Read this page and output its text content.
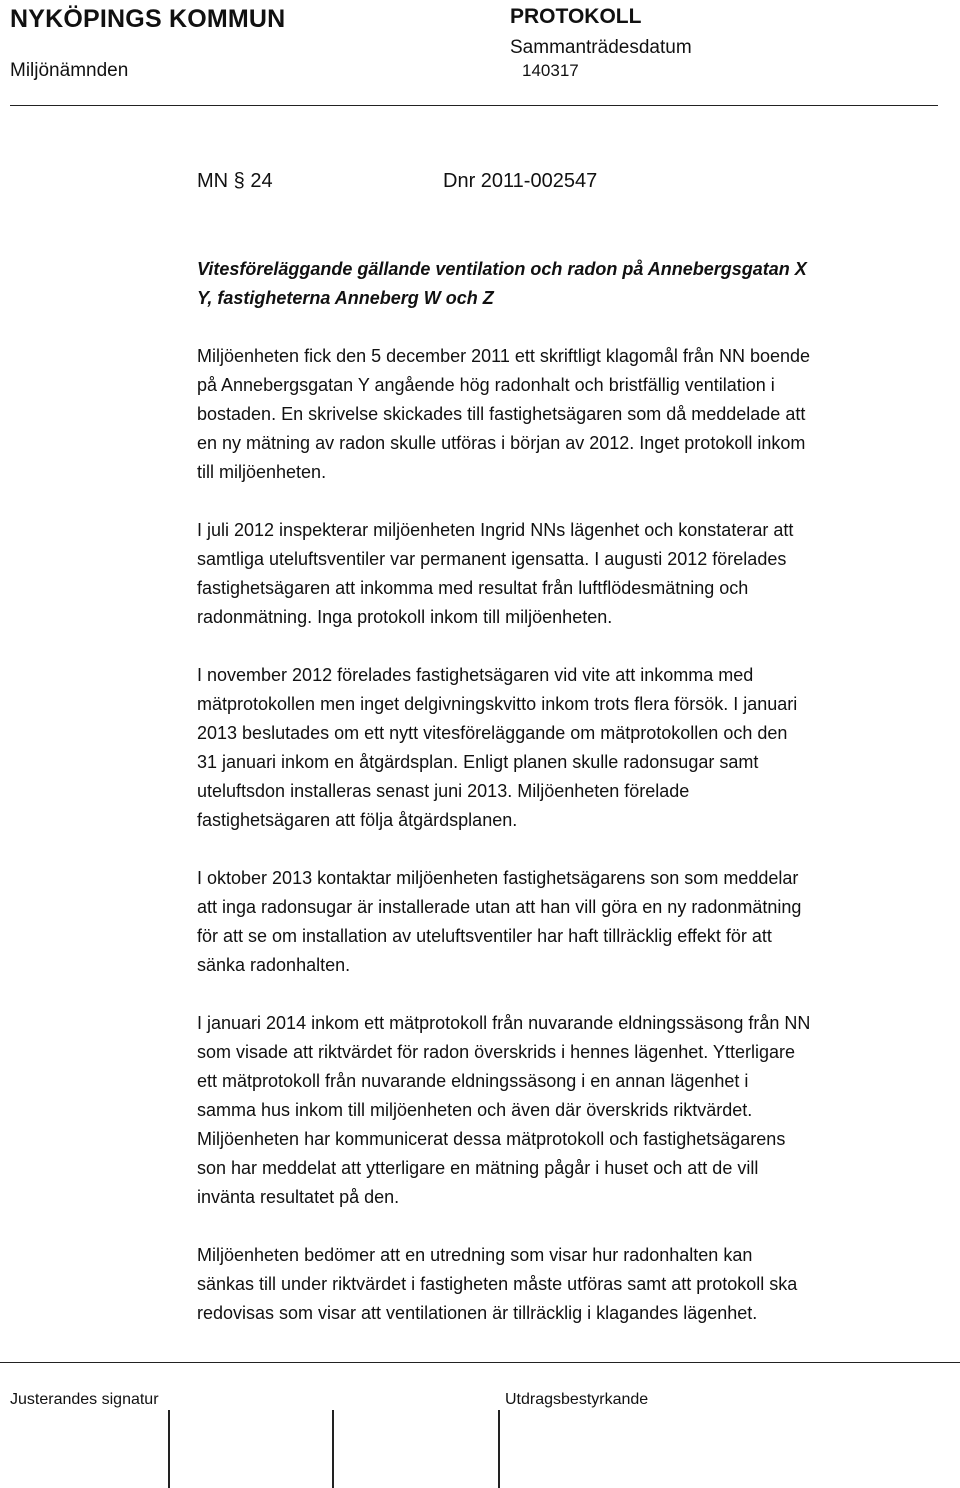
NYKÖPINGS KOMMUN
Miljönämnden
PROTOKOLL
Sammanträdesdatum
140317
MN § 24	Dnr 2011-002547
Vitesföreläggande gällande ventilation och radon på Annebergsgatan X
Y, fastigheterna Anneberg W och Z

Miljöenheten fick den 5 december 2011 ett skriftligt klagomål från NN boende
på Annebergsgatan Y angående hög radonhalt och bristfällig ventilation i
bostaden. En skrivelse skickades till fastighetsägaren som då meddelade att
en ny mätning av radon skulle utföras i början av 2012. Inget protokoll inkom
till miljöenheten.

I juli 2012 inspekterar miljöenheten Ingrid NNs lägenhet och konstaterar att
samtliga uteluftsventiler var permanent igensatta. I augusti 2012 förelades
fastighetsägaren att inkomma med resultat från luftflödesmätning och
radonmätning. Inga protokoll inkom till miljöenheten.

I november 2012 förelades fastighetsägaren vid vite att inkomma med
mätprotokollen men inget delgivningskvitto inkom trots flera försök. I januari
2013 beslutades om ett nytt vitesföreläggande om mätprotokollen och den
31 januari inkom en åtgärdsplan. Enligt planen skulle radonsugar samt
uteluftsdon installeras senast juni 2013. Miljöenheten förelade
fastighetsägaren att följa åtgärdsplanen.

I oktober 2013 kontaktar miljöenheten fastighetsägarens son som meddelar
att inga radonsugar är installerade utan att han vill göra en ny radonmätning
för att se om installation av uteluftsventiler har haft tillräcklig effekt för att
sänka radonhalten.

I januari 2014 inkom ett mätprotokoll från nuvarande eldningssäsong från NN
som visade att riktvärdet för radon överskrids i hennes lägenhet. Ytterligare
ett mätprotokoll från nuvarande eldningssäsong i en annan lägenhet i
samma hus inkom till miljöenheten och även där överskrids riktvärdet.
Miljöenheten har kommunicerat dessa mätprotokoll och fastighetsägarens
son har meddelat att ytterligare en mätning pågår i huset och att de vill
invänta resultatet på den.

Miljöenheten bedömer att en utredning som visar hur radonhalten kan
sänkas till under riktvärdet i fastigheten måste utföras samt att protokoll ska
redovisas som visar att ventilationen är tillräcklig i klagandes lägenhet.

Justerandes signatur	Utdragsbestyrkande
